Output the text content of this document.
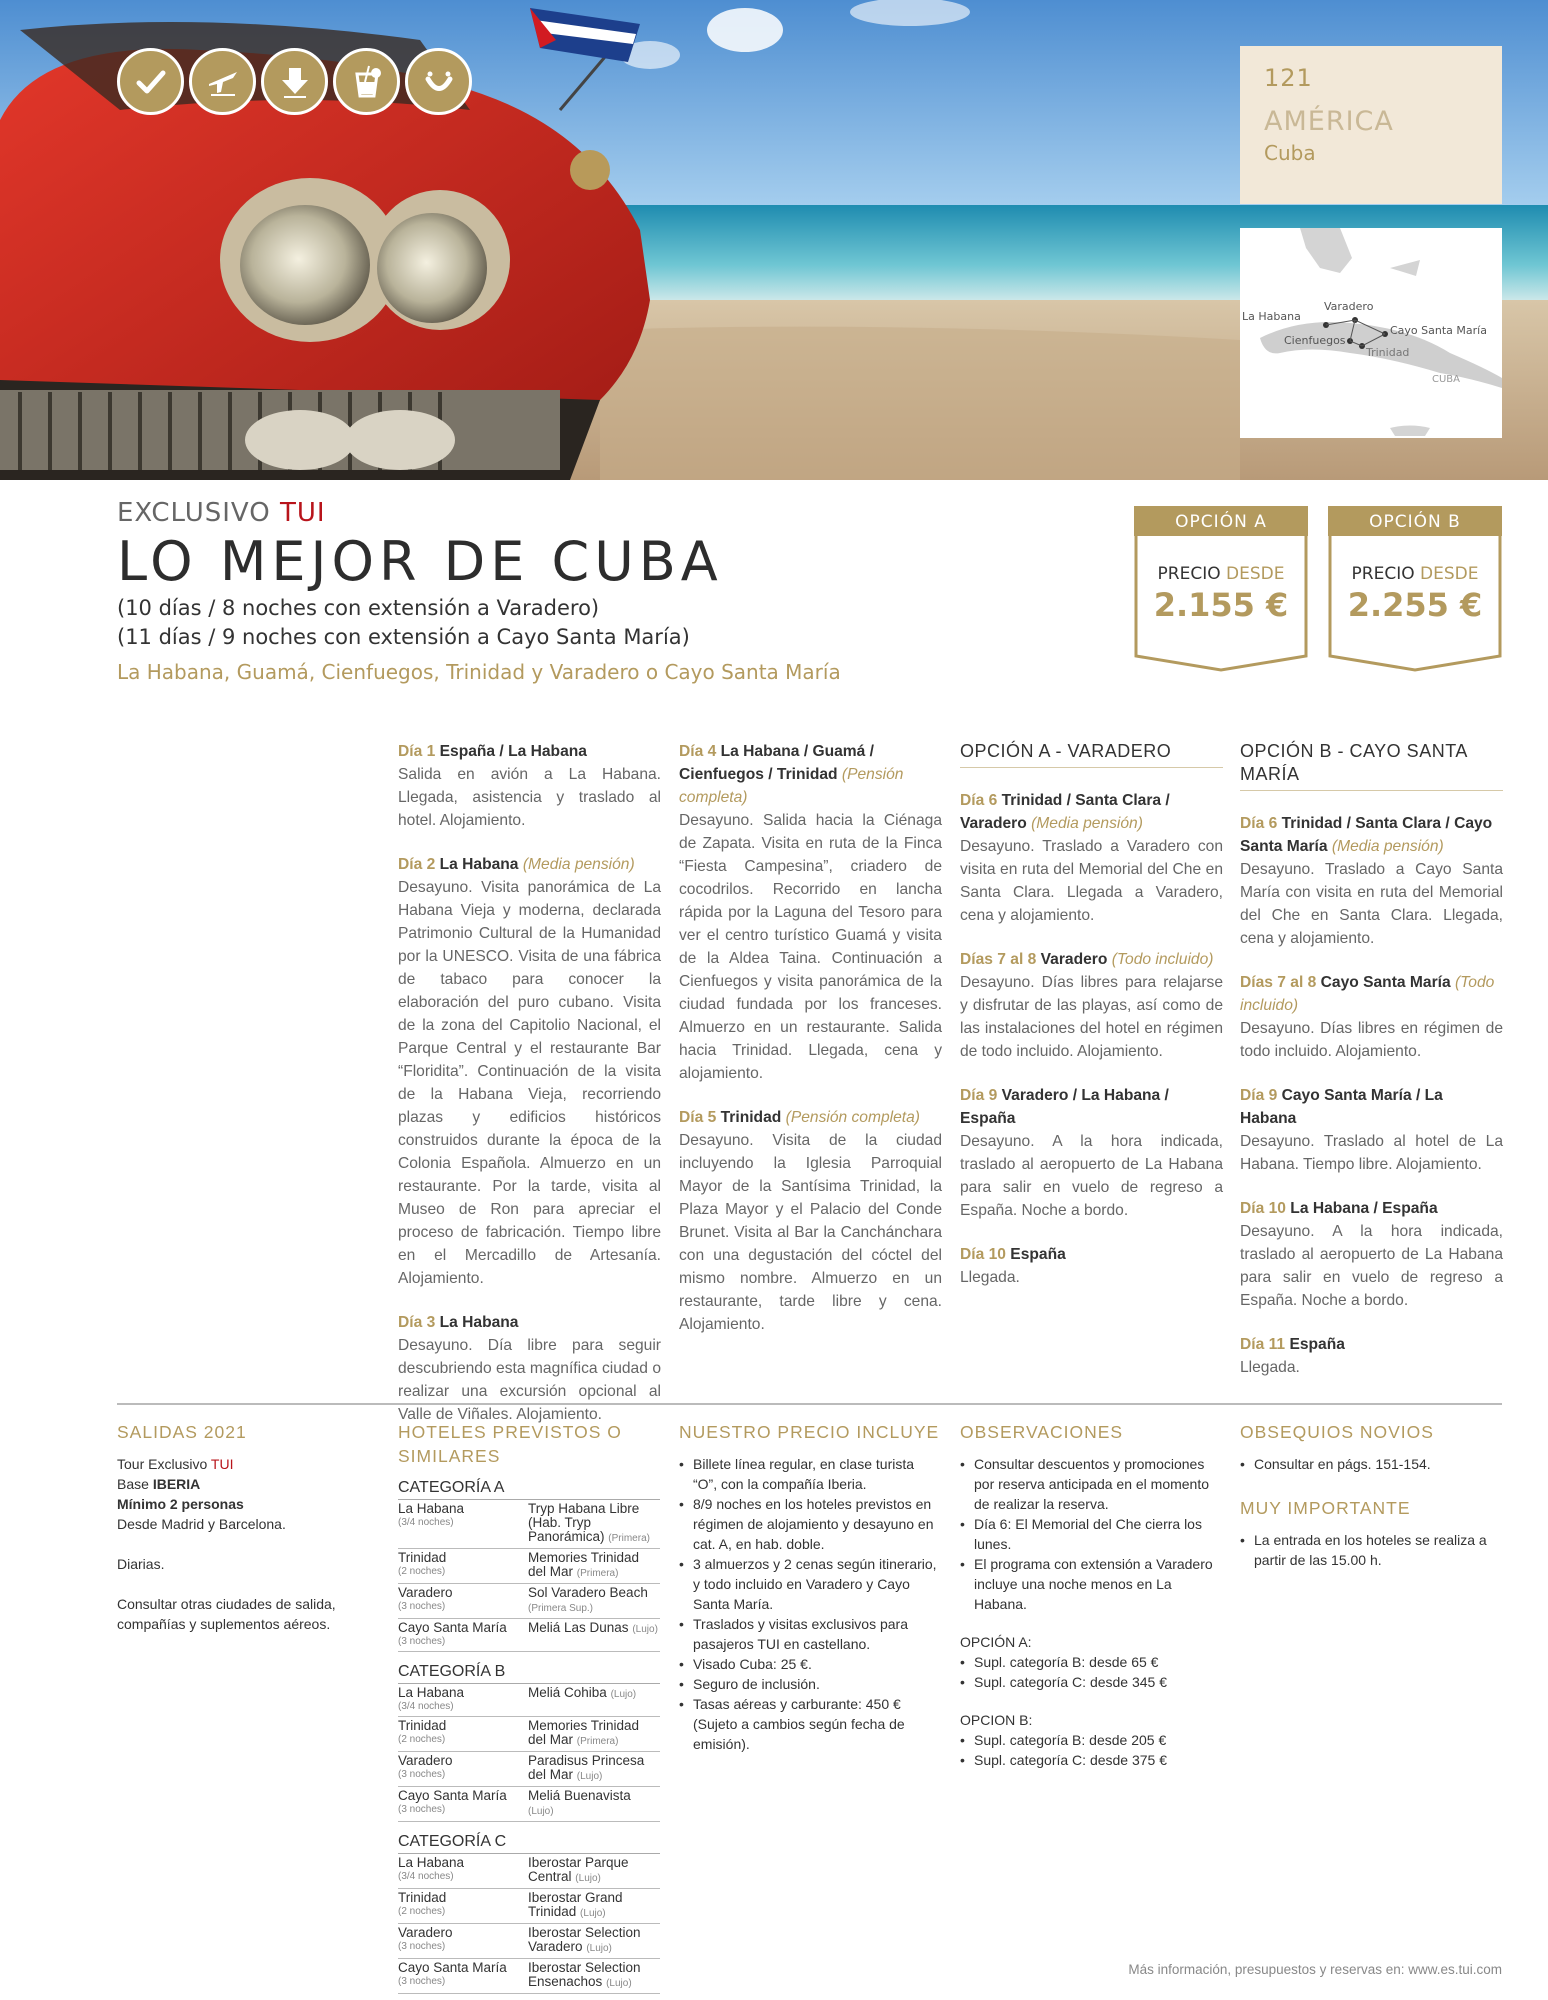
121
AMÉRICA
Cuba
La Habana
Varadero
Cayo Santa María
Cienfuegos
Trinidad
CUBA
EXCLUSIVO TUI
LO MEJOR DE CUBA
(10 días / 8 noches con extensión a Varadero)
(11 días / 9 noches con extensión a Cayo Santa María)
La Habana, Guamá, Cienfuegos, Trinidad y Varadero o Cayo Santa María
OPCIÓN A
PRECIO DESDE
2.155 €
OPCIÓN B
PRECIO DESDE
2.255 €
Día 1 España / La Habana
Salida en avión a La Habana. Llegada, asistencia y traslado al hotel. Alojamiento.
Día 2 La Habana (Media pensión)
Desayuno. Visita panorámica de La Habana Vieja y moderna, declarada Patrimonio Cultural de la Humanidad por la UNESCO. Visita de una fábrica de tabaco para conocer la elaboración del puro cubano. Visita de la zona del Capitolio Nacional, el Parque Central y el restaurante Bar “Floridita”. Continuación de la visita de la Habana Vieja, recorriendo plazas y edificios históricos construidos durante la época de la Colonia Española. Almuerzo en un restaurante. Por la tarde, visita al Museo de Ron para apreciar el proceso de fabricación. Tiempo libre en el Mercadillo de Artesanía. Alojamiento.
Día 3 La Habana
Desayuno. Día libre para seguir descubriendo esta magnífica ciudad o realizar una excursión opcional al Valle de Viñales. Alojamiento.
Día 4 La Habana / Guamá / Cienfuegos / Trinidad (Pensión completa)
Desayuno. Salida hacia la Ciénaga de Zapata. Visita en ruta de la Finca “Fiesta Campesina”, criadero de cocodrilos. Recorrido en lancha rápida por la Laguna del Tesoro para ver el centro turístico Guamá y visita de la Aldea Taina. Continuación a Cienfuegos y visita panorámica de la ciudad fundada por los franceses. Almuerzo en un restaurante. Salida hacia Trinidad. Llegada, cena y alojamiento.
Día 5 Trinidad (Pensión completa)
Desayuno. Visita de la ciudad incluyendo la Iglesia Parroquial Mayor de la Santísima Trinidad, la Plaza Mayor y el Palacio del Conde Brunet. Visita al Bar la Canchánchara con una degustación del cóctel del mismo nombre. Almuerzo en un restaurante, tarde libre y cena. Alojamiento.
OPCIÓN A - VARADERO
Día 6 Trinidad / Santa Clara / Varadero (Media pensión)
Desayuno. Traslado a Varadero con visita en ruta del Memorial del Che en Santa Clara. Llegada a Varadero, cena y alojamiento.
Días 7 al 8 Varadero (Todo incluido)
Desayuno. Días libres para relajarse y disfrutar de las playas, así como de las instalaciones del hotel en régimen de todo incluido. Alojamiento.
Día 9 Varadero / La Habana / España
Desayuno. A la hora indicada, traslado al aeropuerto de La Habana para salir en vuelo de regreso a España. Noche a bordo.
Día 10 España
Llegada.
OPCIÓN B - CAYO SANTA MARÍA
Día 6 Trinidad / Santa Clara / Cayo Santa María (Media pensión)
Desayuno. Traslado a Cayo Santa María con visita en ruta del Memorial del Che en Santa Clara. Llegada, cena y alojamiento.
Días 7 al 8 Cayo Santa María (Todo incluido)
Desayuno. Días libres en régimen de todo incluido. Alojamiento.
Día 9 Cayo Santa María / La Habana
Desayuno. Traslado al hotel de La Habana. Tiempo libre. Alojamiento.
Día 10 La Habana / España
Desayuno. A la hora indicada, traslado al aeropuerto de La Habana para salir en vuelo de regreso a España. Noche a bordo.
Día 11 España
Llegada.
SALIDAS 2021
Tour Exclusivo TUI
Base IBERIA
Mínimo 2 personas
Desde Madrid y Barcelona.
Diarias.
Consultar otras ciudades de salida, compañías y suplementos aéreos.
HOTELES PREVISTOS O SIMILARES
CATEGORÍA A
La Habana
(3/4 noches)
Tryp Habana Libre (Hab. Tryp Panorámica) (Primera)
Trinidad
(2 noches)
Memories Trinidad del Mar (Primera)
Varadero
(3 noches)
Sol Varadero Beach (Primera Sup.)
Cayo Santa María
(3 noches)
Meliá Las Dunas (Lujo)
CATEGORÍA B
La Habana
(3/4 noches)
Meliá Cohiba (Lujo)
Trinidad
(2 noches)
Memories Trinidad del Mar (Primera)
Varadero
(3 noches)
Paradisus Princesa del Mar (Lujo)
Cayo Santa María
(3 noches)
Meliá Buenavista (Lujo)
CATEGORÍA C
La Habana
(3/4 noches)
Iberostar Parque Central (Lujo)
Trinidad
(2 noches)
Iberostar Grand Trinidad (Lujo)
Varadero
(3 noches)
Iberostar Selection Varadero (Lujo)
Cayo Santa María
(3 noches)
Iberostar Selection Ensenachos (Lujo)
NUESTRO PRECIO INCLUYE
• Billete línea regular, en clase turista “O”, con la compañía Iberia.
• 8/9 noches en los hoteles previstos en régimen de alojamiento y desayuno en cat. A, en hab. doble.
• 3 almuerzos y 2 cenas según itinerario, y todo incluido en Varadero y Cayo Santa María.
• Traslados y visitas exclusivos para pasajeros TUI en castellano.
• Visado Cuba: 25 €.
• Seguro de inclusión.
• Tasas aéreas y carburante: 450 € (Sujeto a cambios según fecha de emisión).
OBSERVACIONES
• Consultar descuentos y promociones por reserva anticipada en el momento de realizar la reserva.
• Día 6: El Memorial del Che cierra los lunes.
• El programa con extensión a Varadero incluye una noche menos en La Habana.
OPCIÓN A:
• Supl. categoría B: desde 65 €
• Supl. categoría C: desde 345 €
OPCION B:
• Supl. categoría B: desde 205 €
• Supl. categoría C: desde 375 €
OBSEQUIOS NOVIOS
• Consultar en págs. 151-154.
MUY IMPORTANTE
• La entrada en los hoteles se realiza a partir de las 15.00 h.
Más información, presupuestos y reservas en: www.es.tui.com
